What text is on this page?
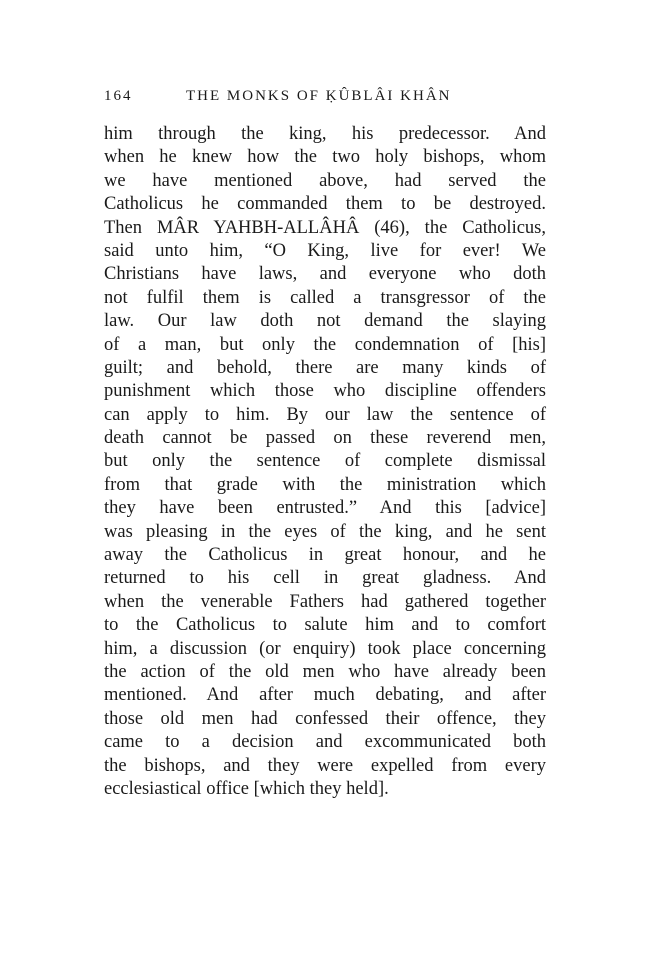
164	THE MONKS OF ḲÛBLÂI KHÂN
him through the king, his predecessor. And
when he knew how the two holy bishops, whom
we have mentioned above, had served the
Catholicus he commanded them to be destroyed.
Then MÂR YAHBH-ALLÂHÂ (46), the Catholicus,
said unto him, “O King, live for ever! We
Christians have laws, and everyone who doth
not fulfil them is called a transgressor of the
law. Our law doth not demand the slaying
of a man, but only the condemnation of [his]
guilt; and behold, there are many kinds of
punishment which those who discipline offenders
can apply to him. By our law the sentence of
death cannot be passed on these reverend men,
but only the sentence of complete dismissal
from that grade with the ministration which
they have been entrusted.” And this [advice]
was pleasing in the eyes of the king, and he sent
away the Catholicus in great honour, and he
returned to his cell in great gladness. And
when the venerable Fathers had gathered together
to the Catholicus to salute him and to comfort
him, a discussion (or enquiry) took place concerning
the action of the old men who have already been
mentioned. And after much debating, and after
those old men had confessed their offence, they
came to a decision and excommunicated both
the bishops, and they were expelled from every
ecclesiastical office [which they held].
